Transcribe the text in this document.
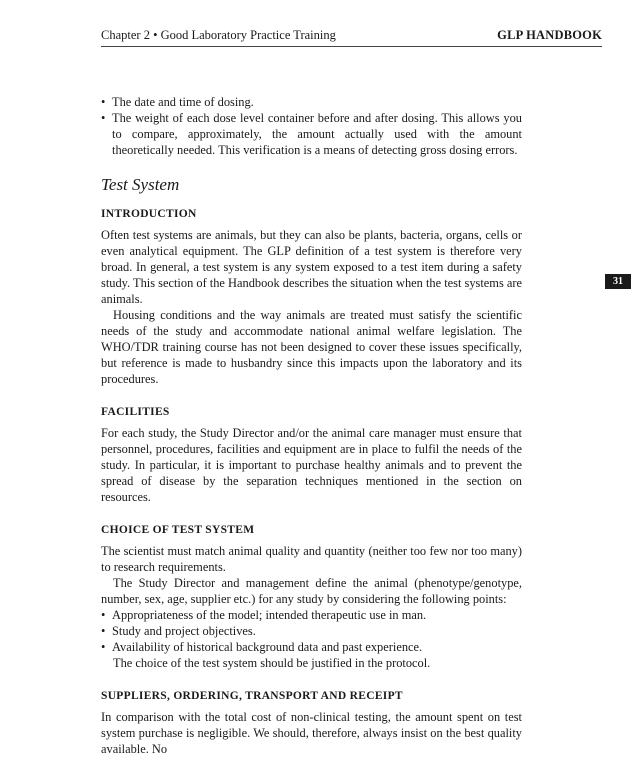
Chapter 2 • Good Laboratory Practice Training	GLP HANDBOOK
31
• The date and time of dosing.
• The weight of each dose level container before and after dosing. This allows you to compare, approximately, the amount actually used with the amount theoretically needed. This verification is a means of detecting gross dosing errors.
Test System
INTRODUCTION

Often test systems are animals, but they can also be plants, bacteria, organs, cells or even analytical equipment. The GLP definition of a test system is therefore very broad. In general, a test system is any system exposed to a test item during a safety study. This section of the Handbook describes the situation when the test systems are animals.

Housing conditions and the way animals are treated must satisfy the scientific needs of the study and accommodate national animal welfare legislation. The WHO/TDR training course has not been designed to cover these issues specifically, but reference is made to husbandry since this impacts upon the laboratory and its procedures.

FACILITIES

For each study, the Study Director and/or the animal care manager must ensure that personnel, procedures, facilities and equipment are in place to fulfil the needs of the study. In particular, it is important to purchase healthy animals and to prevent the spread of disease by the separation techniques mentioned in the section on resources.

CHOICE OF TEST SYSTEM

The scientist must match animal quality and quantity (neither too few nor too many) to research requirements.

The Study Director and management define the animal (phenotype/genotype, number, sex, age, supplier etc.) for any study by considering the following points:

• Appropriateness of the model; intended therapeutic use in man.
• Study and project objectives.
• Availability of historical background data and past experience.

The choice of the test system should be justified in the protocol.

SUPPLIERS, ORDERING, TRANSPORT AND RECEIPT

In comparison with the total cost of non-clinical testing, the amount spent on test system purchase is negligible. We should, therefore, always insist on the best quality available. No
